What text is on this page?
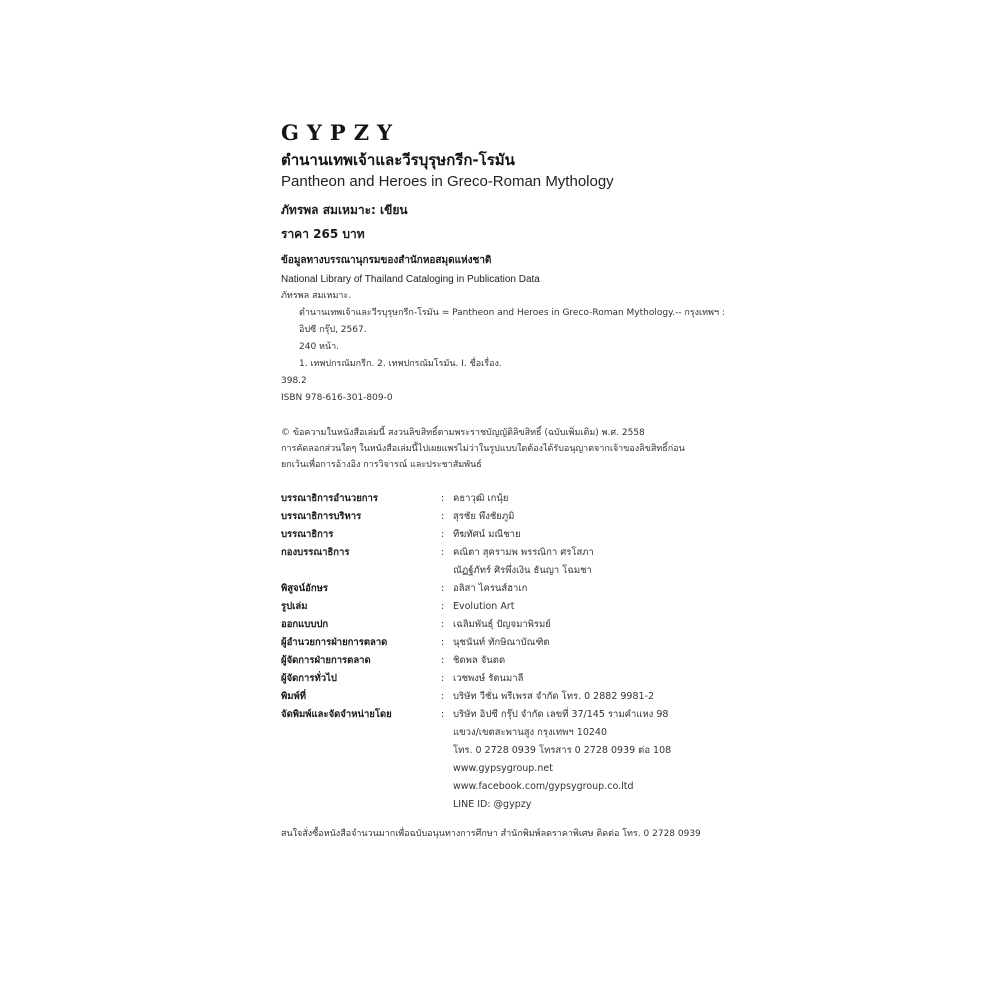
GYPZY
ตำนานเทพเจ้าและวีรบุรุษกรีก-โรมัน
Pantheon and Heroes in Greco-Roman Mythology
ภัทรพล สมเหมาะ: เขียน
ราคา 265 บาท
ข้อมูลทางบรรณานุกรมของสำนักหอสมุดแห่งชาติ
National Library of Thailand Cataloging in Publication Data
ภัทรพล สมเหมาะ.
ตำนานเทพเจ้าและวีรบุรุษกรีก-โรมัน = Pantheon and Heroes in Greco-Roman Mythology.-- กรุงเทพฯ :
อิปซี กรุ๊ป, 2567.
240 หน้า.
1. เทพปกรณัมกรีก. 2. เทพปกรณัมโรมัน. I. ชื่อเรื่อง.
398.2
ISBN 978-616-301-809-0
© ข้อความในหนังสือเล่มนี้ สงวนลิขสิทธิ์ตามพระราชบัญญัติลิขสิทธิ์ (ฉบับเพิ่มเติม) พ.ศ. 2558
การคัดลอกส่วนใดๆ ในหนังสือเล่มนี้ไปเผยแพร่ไม่ว่าในรูปแบบใดต้องได้รับอนุญาตจากเจ้าของลิขสิทธิ์ก่อน
ยกเว้นเพื่อการอ้างอิง การวิจารณ์ และประชาสัมพันธ์
บรรณาธิการอำนวยการ	:	คธาวุฒิ เกนุ้ย
บรรณาธิการบริหาร	:	สุรชัย พึงชัยภูมิ
บรรณาธิการ	:	ทีฆทัศน์ มณีชาย
กองบรรณาธิการ	:	คณิตา สุครามพ พรรณิกา ศรโสภา
		ณัฏฐ์ภัทร์ ศิรพึ่งเงิน ธันญา โฉมชา
พิสูจน์อักษร	:	อลิสา ไครนส์ฮาเก
รูปเล่ม	:	Evolution Art
ออกแบบปก	:	เฉลิมพันธุ์ ปัญจมาพิรมย์
ผู้อำนวยการฝ่ายการตลาด	:	นุชนันท์ ทักษิณาบัณฑิต
ผู้จัดการฝ่ายการตลาด	:	ชิดพล จันตด
ผู้จัดการทั่วไป	:	เวชพงษ์ รัตนมาลี
พิมพ์ที่	:	บริษัท วีชั่น พรีเพรส จำกัด โทร. 0 2882 9981-2
จัดพิมพ์และจัดจำหน่ายโดย	:	บริษัท อิปซี กรุ๊ป จำกัด เลขที่ 37/145 รามคำแหง 98
		แขวง/เขตสะพานสูง กรุงเทพฯ 10240
		โทร. 0 2728 0939 โทรสาร 0 2728 0939 ต่อ 108
		www.gypsygroup.net
		www.facebook.com/gypsygroup.co.ltd
		LINE ID: @gypzy
สนใจสั่งซื้อหนังสือจำนวนมากเพื่อฉบับอนุนทางการศึกษา สำนักพิมพ์ลดราคาพิเศษ ติดต่อ โทร. 0 2728 0939
